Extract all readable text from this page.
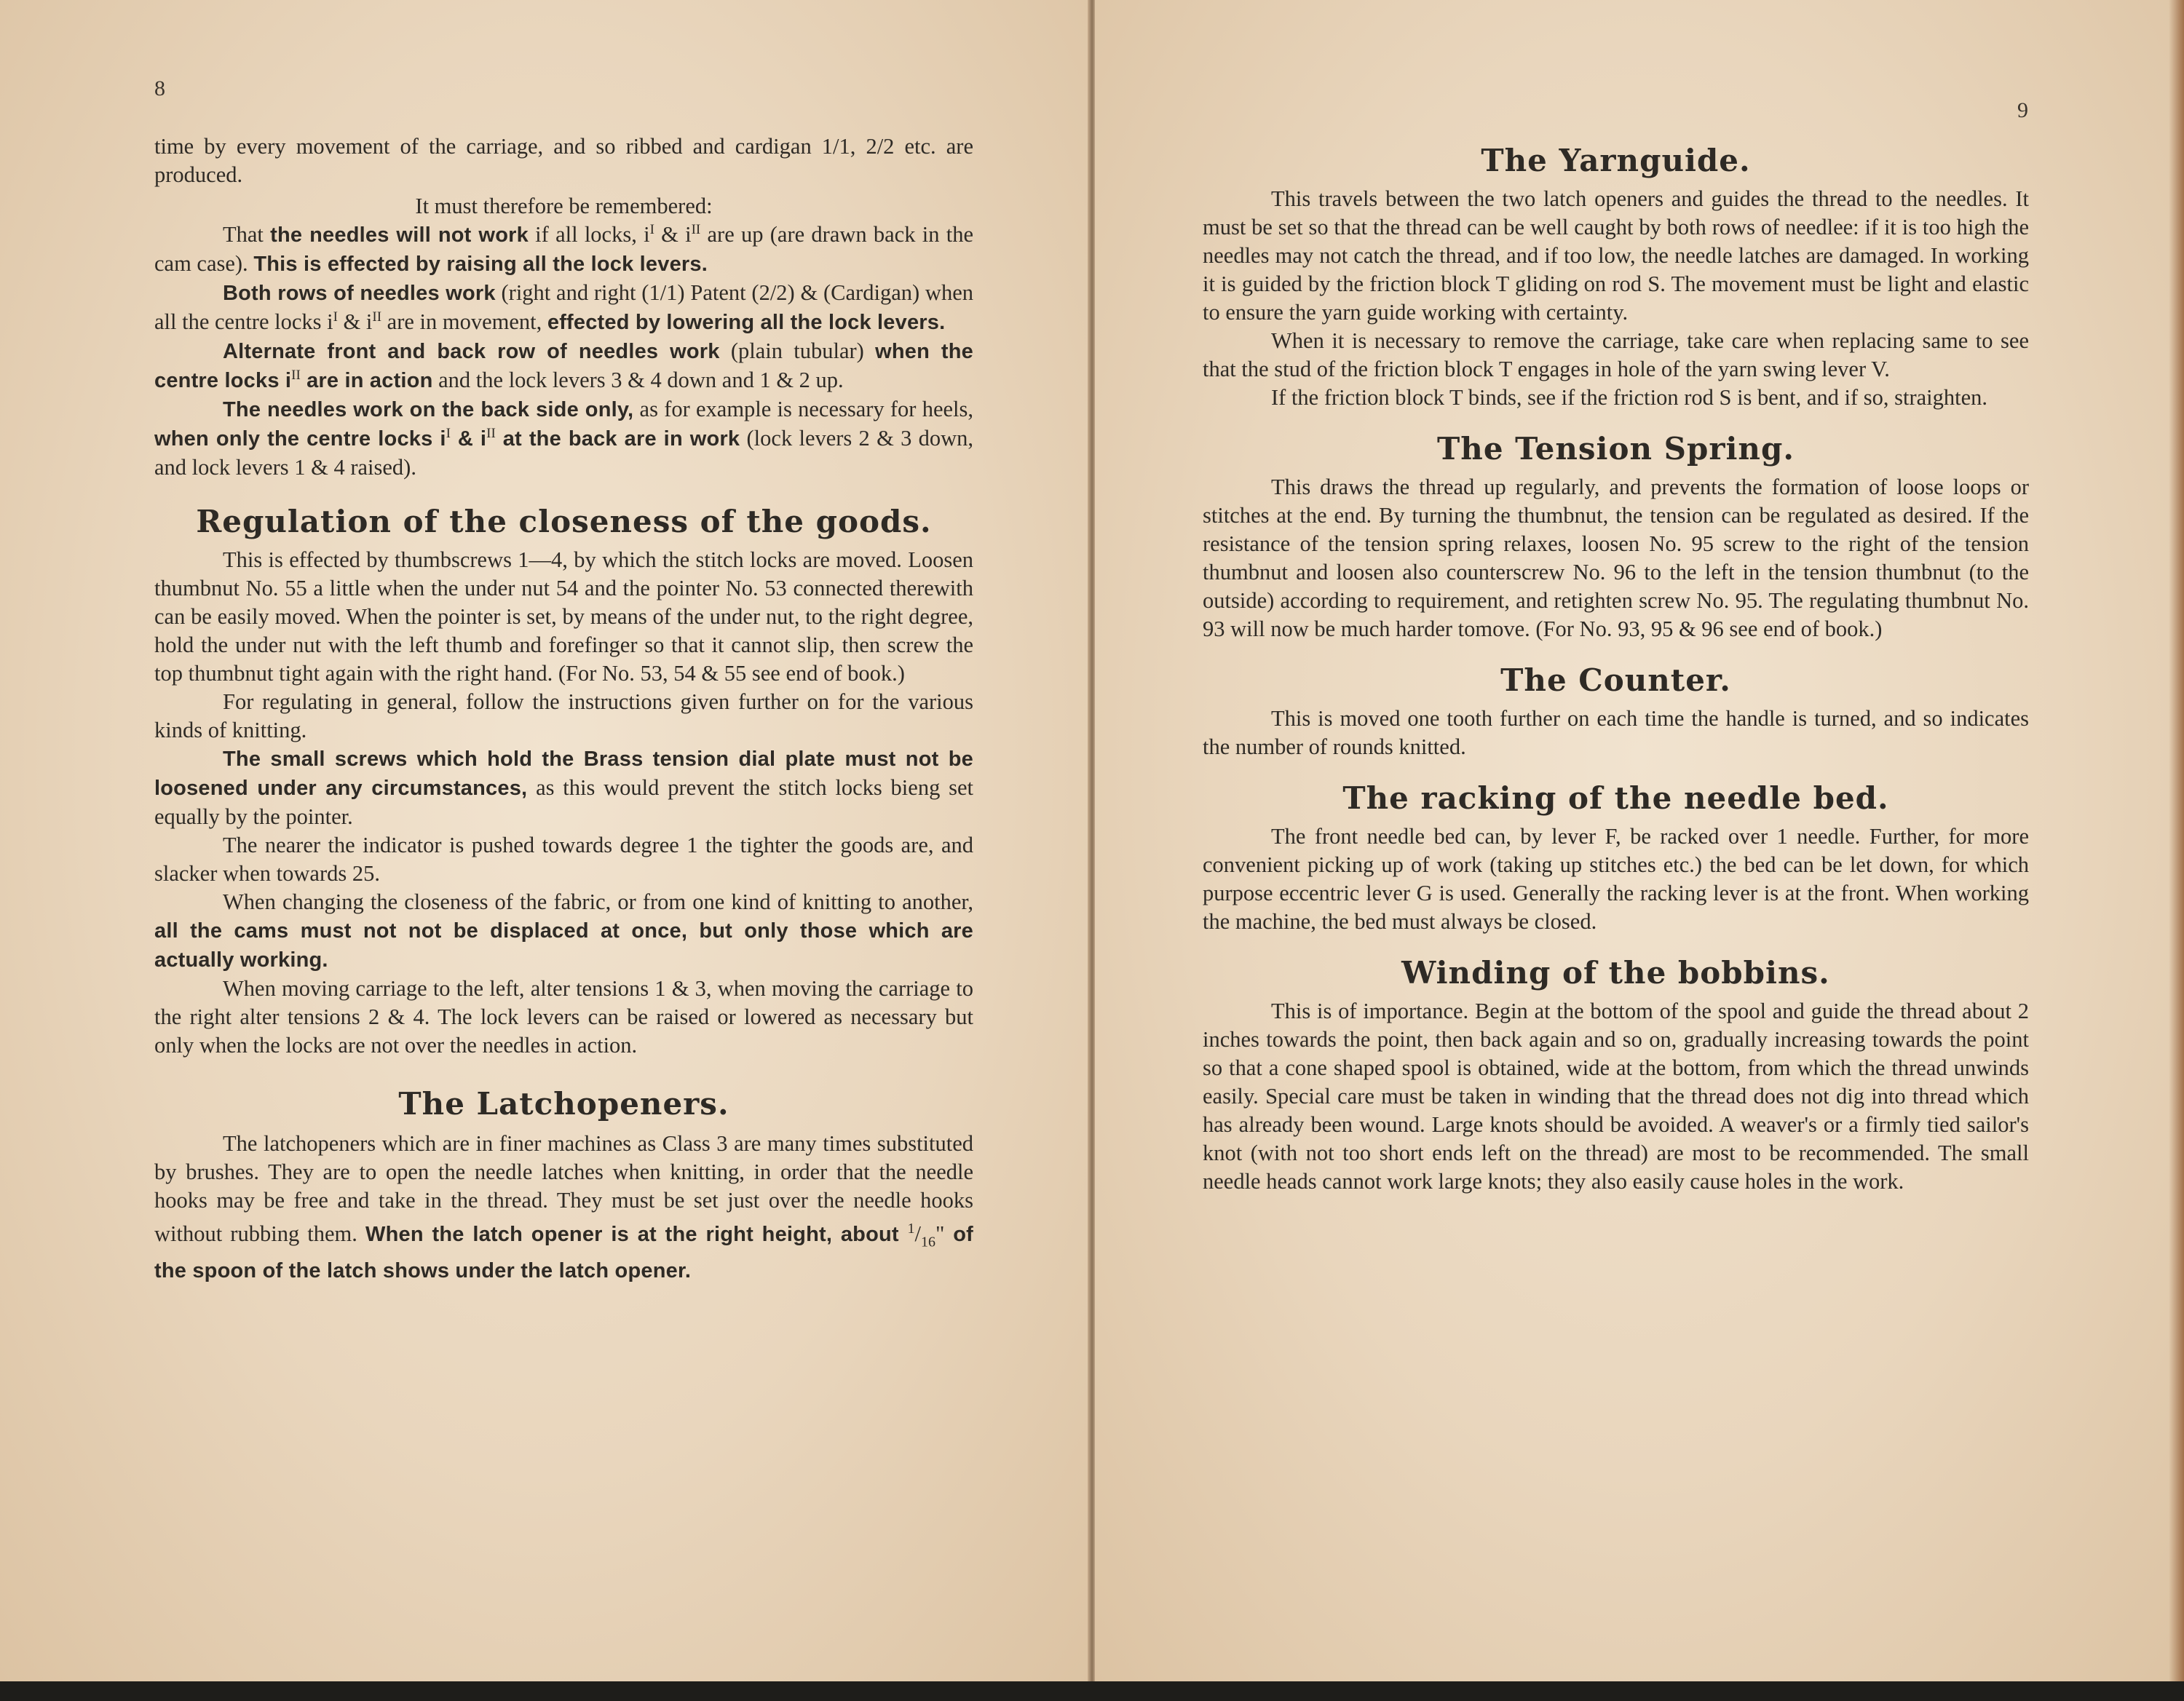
8

time by every movement of the carriage, and so ribbed and cardigan 1/1, 2/2 etc. are produced.

It must therefore be remembered:

That the needles will not work if all locks, $i^I$ & $i^{II}$ are up (are drawn back in the cam case). This is effected by raising all the lock levers.

Both rows of needles work (right and right (1/1) Patent (2/2) & (Cardigan) when all the centre locks $i^I$ & $i^{II}$ are in movement, effected by lowering all the lock levers.

Alternate front and back row of needles work (plain tubular) when the centre locks $i^{II}$ are in action and the lock levers 3 & 4 down and 1 & 2 up.

The needles work on the back side only, as for example is necessary for heels, when only the centre locks $i^I$ & $i^{II}$ at the back are in work (lock levers 2 & 3 down, and lock levers 1 & 4 raised).

Regulation of the closeness of the goods.

This is effected by thumbscrews 1—4, by which the stitch locks are moved. Loosen thumbnut No. 55 a little when the under nut 54 and the pointer No. 53 connected therewith can be easily moved. When the pointer is set, by means of the under nut, to the right degree, hold the under nut with the left thumb and forefinger so that it cannot slip, then screw the top thumbnut tight again with the right hand. (For No. 53, 54 & 55 see end of book.)

For regulating in general, follow the instructions given further on for the various kinds of knitting.

The small screws which hold the Brass tension dial plate must not be loosened under any circumstances, as this would prevent the stitch locks bieng set equally by the pointer.

The nearer the indicator is pushed towards degree 1 the tighter the goods are, and slacker when towards 25.

When changing the closeness of the fabric, or from one kind of knitting to another, all the cams must not not be displaced at once, but only those which are actually working.

When moving carriage to the left, alter tensions 1 & 3, when moving the carriage to the right alter tensions 2 & 4. The lock levers can be raised or lowered as necessary but only when the locks are not over the needles in action.

The Latchopeners.

The latchopeners which are in finer machines as Class 3 are many times substituted by brushes. They are to open the needle latches when knitting, in order that the needle hooks may be free and take in the thread. They must be set just over the needle hooks without rubbing them. When the latch opener is at the right height, about $^1/_{16}$" of the spoon of the latch shows under the latch opener.

9
The Yarnguide.

This travels between the two latch openers and guides the thread to the needles. It must be set so that the thread can be well caught by both rows of needlee: if it is too high the needles may not catch the thread, and if too low, the needle latches are damaged. In working it is guided by the friction block T gliding on rod S. The movement must be light and elastic to ensure the yarn guide working with certainty.

When it is necessary to remove the carriage, take care when replacing same to see that the stud of the friction block T engages in hole of the yarn swing lever V.

If the friction block T binds, see if the friction rod S is bent, and if so, straighten.

The Tension Spring.

This draws the thread up regularly, and prevents the formation of loose loops or stitches at the end. By turning the thumbnut, the tension can be regulated as desired. If the resistance of the tension spring relaxes, loosen No. 95 screw to the right of the tension thumbnut and loosen also counterscrew No. 96 to the left in the tension thumbnut (to the outside) according to requirement, and retighten screw No. 95. The regulating thumbnut No. 93 will now be much harder tomove. (For No. 93, 95 & 96 see end of book.)

The Counter.

This is moved one tooth further on each time the handle is turned, and so indicates the number of rounds knitted.

The racking of the needle bed.

The front needle bed can, by lever F, be racked over 1 needle. Further, for more convenient picking up of work (taking up stitches etc.) the bed can be let down, for which purpose eccentric lever G is used. Generally the racking lever is at the front. When working the machine, the bed must always be closed.

Winding of the bobbins.

This is of importance. Begin at the bottom of the spool and guide the thread about 2 inches towards the point, then back again and so on, gradually increasing towards the point so that a cone shaped spool is obtained, wide at the bottom, from which the thread unwinds easily. Special care must be taken in winding that the thread does not dig into thread which has already been wound. Large knots should be avoided. A weaver's or a firmly tied sailor's knot (with not too short ends left on the thread) are most to be recommended. The small needle heads cannot work large knots; they also easily cause holes in the work.
